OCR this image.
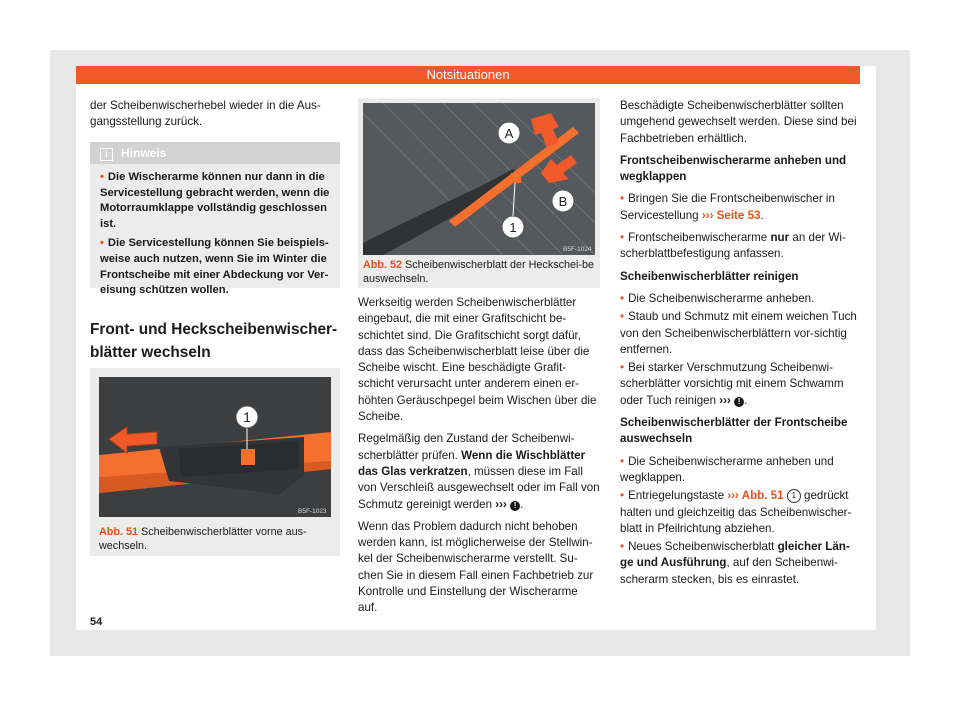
Notsituationen

der Scheibenwischerhebel wieder in die Aus-gangsstellung zurück.

i Hinweis

• Die Wischerarme können nur dann in die Servicestellung gebracht werden, wenn die Motorraumklappe vollständig geschlossen ist.

• Die Servicestellung können Sie beispiels-weise auch nutzen, wenn Sie im Winter die Frontscheibe mit einer Abdeckung vor Ver-eisung schützen wollen.

Front- und Heckscheibenwischer-
blätter wechseln
1
B5F-1023
Abb. 51 Scheibenwischerblätter vorne aus-wechseln.
A
B
1
B5F-1024
Abb. 52 Scheibenwischerblatt der Heckschei-be auswechseln.

Werkseitig werden Scheibenwischerblätter eingebaut, die mit einer Grafitschicht be-schichtet sind. Die Grafitschicht sorgt dafür, dass das Scheibenwischerblatt leise über die Scheibe wischt. Eine beschädigte Grafit-schicht verursacht unter anderem einen er-höhten Geräuschpegel beim Wischen über die Scheibe.

Regelmäßig den Zustand der Scheibenwi-scherblätter prüfen. Wenn die Wischblätter das Glas verkratzen, müssen diese im Fall von Verschleiß ausgewechselt oder im Fall von Schmutz gereinigt werden ››› ! .

Wenn das Problem dadurch nicht behoben werden kann, ist möglicherweise der Stellwin-kel der Scheibenwischerarme verstellt. Su-chen Sie in diesem Fall einen Fachbetrieb zur Kontrolle und Einstellung der Wischerarme auf.

Beschädigte Scheibenwischerblätter sollten umgehend gewechselt werden. Diese sind bei Fachbetrieben erhältlich.

Frontscheibenwischerarme anheben und wegklappen

• Bringen Sie die Frontscheibenwischer in Servicestellung ››› Seite 53.

• Frontscheibenwischerarme nur an der Wi-scherblattbefestigung anfassen.

Scheibenwischerblätter reinigen

• Die Scheibenwischerarme anheben.

• Staub und Schmutz mit einem weichen Tuch von den Scheibenwischerblättern vor-sichtig entfernen.

• Bei starker Verschmutzung Scheibenwi-scherblätter vorsichtig mit einem Schwamm oder Tuch reinigen ››› ! .

Scheibenwischerblätter der Frontscheibe auswechseln

• Die Scheibenwischerarme anheben und wegklappen.

• Entriegelungstaste ››› Abb. 51 1 gedrückt halten und gleichzeitig das Scheibenwischer-blatt in Pfeilrichtung abziehen.

• Neues Scheibenwischerblatt gleicher Län-ge und Ausführung, auf den Scheibenwi-scherarm stecken, bis es einrastet.

54
